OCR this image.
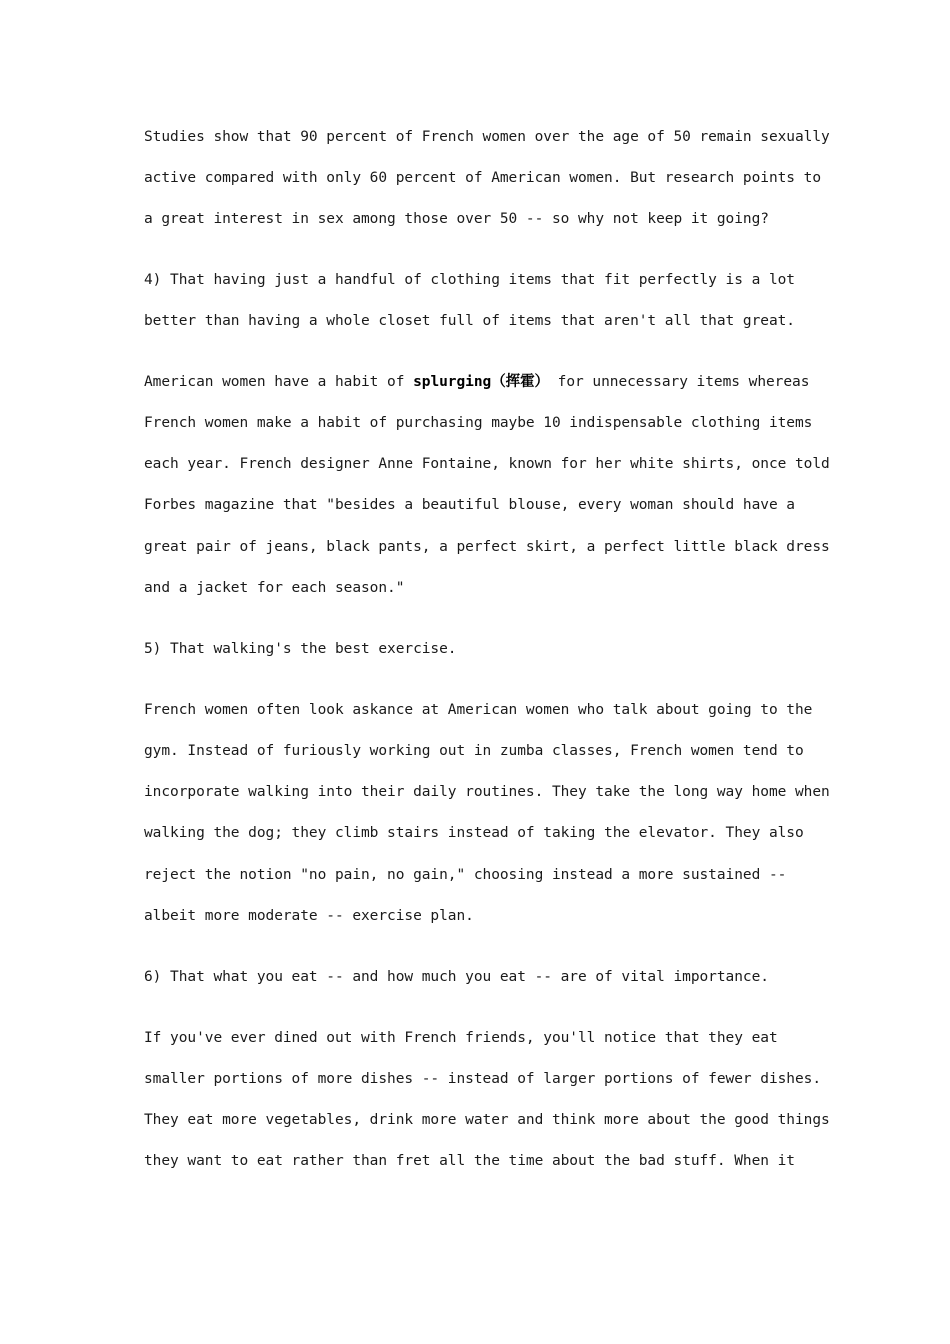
Studies show that 90 percent of French women over the age of 50 remain sexually

active compared with only 60 percent of American women. But research points to

a great interest in sex among those over 50 -- so why not keep it going?

4) That having just a handful of clothing items that fit perfectly is a lot

better than having a whole closet full of items that aren't all that great.

American women have a habit of splurging（挥霍） for unnecessary items whereas

French women make a habit of purchasing maybe 10 indispensable clothing items

each year. French designer Anne Fontaine, known for her white shirts, once told

Forbes magazine that "besides a beautiful blouse, every woman should have a

great pair of jeans, black pants, a perfect skirt, a perfect little black dress

and a jacket for each season."

5) That walking's the best exercise.

French women often look askance at American women who talk about going to the

gym. Instead of furiously working out in zumba classes, French women tend to

incorporate walking into their daily routines. They take the long way home when

walking the dog; they climb stairs instead of taking the elevator. They also

reject the notion "no pain, no gain," choosing instead a more sustained --

albeit more moderate -- exercise plan.

6) That what you eat -- and how much you eat -- are of vital importance.

If you've ever dined out with French friends, you'll notice that they eat

smaller portions of more dishes -- instead of larger portions of fewer dishes.

They eat more vegetables, drink more water and think more about the good things

they want to eat rather than fret all the time about the bad stuff. When it
